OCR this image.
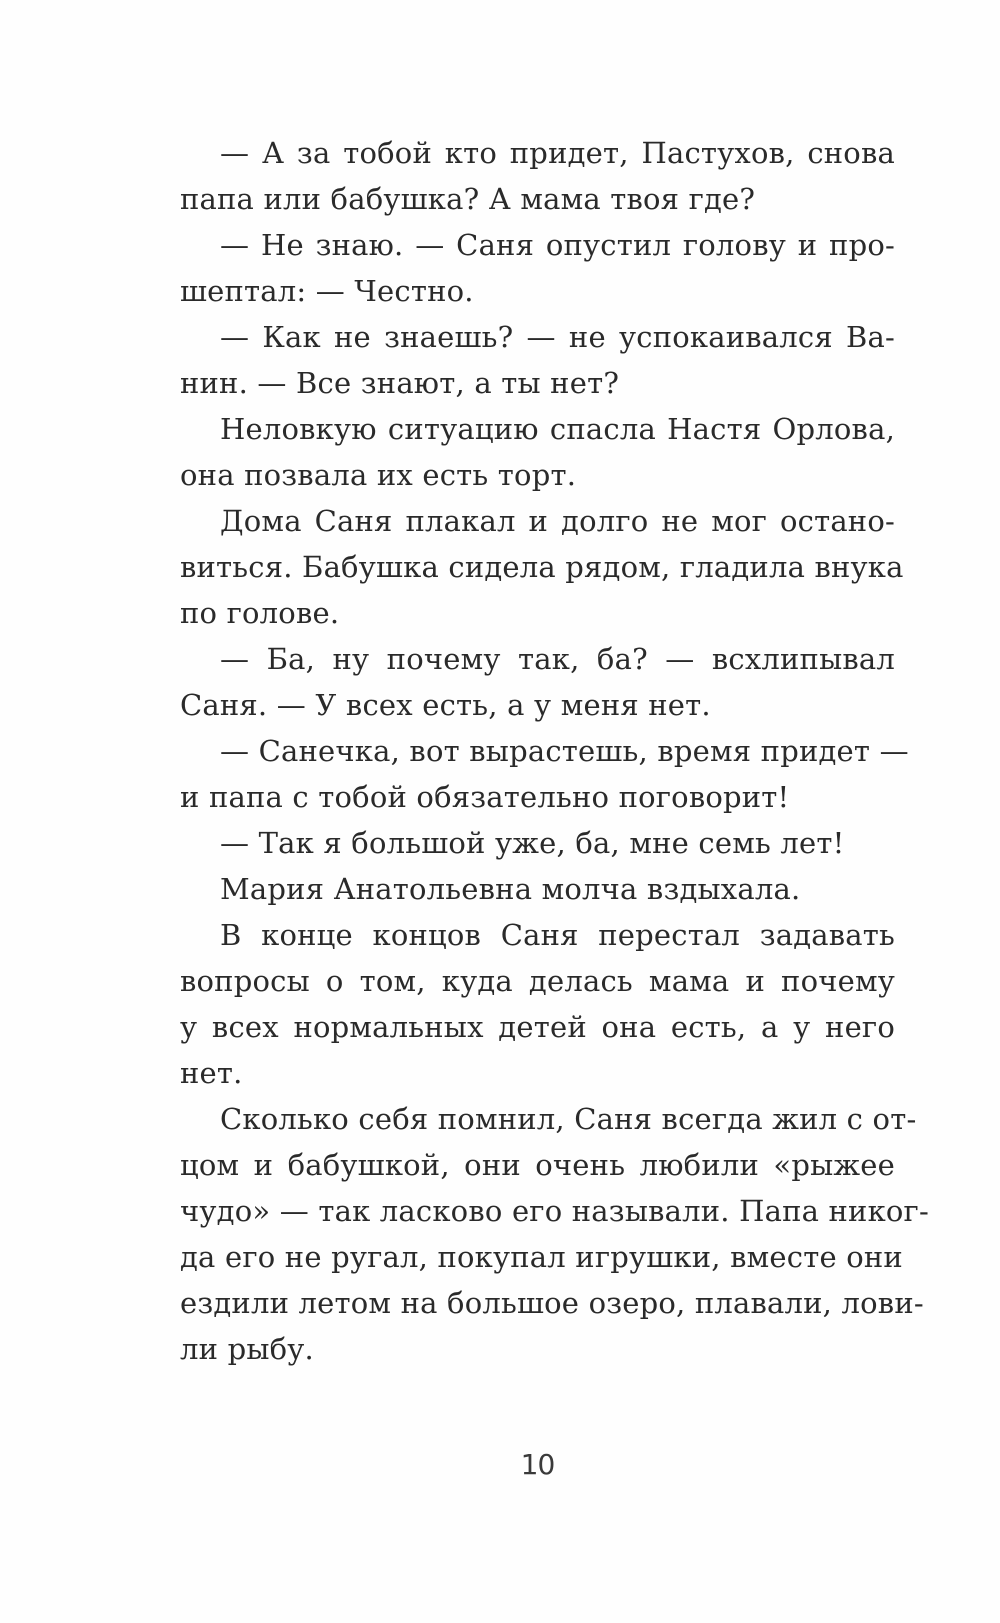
— А за тобой кто придет, Пастухов, снова
папа или бабушка? А мама твоя где?
— Не знаю. — Саня опустил голову и про-
шептал: — Честно.
— Как не знаешь? — не успокаивался Ва-
нин. — Все знают, а ты нет?
Неловкую ситуацию спасла Настя Орлова,
она позвала их есть торт.
Дома Саня плакал и долго не мог остано-
виться. Бабушка сидела рядом, гладила внука
по голове.
— Ба, ну почему так, ба? — всхлипывал
Саня. — У всех есть, а у меня нет.
— Санечка, вот вырастешь, время придет —
и папа с тобой обязательно поговорит!
— Так я большой уже, ба, мне семь лет!
Мария Анатольевна молча вздыхала.
В конце концов Саня перестал задавать
вопросы о том, куда делась мама и почему
у всех нормальных детей она есть, а у него
нет.
Сколько себя помнил, Саня всегда жил с от-
цом и бабушкой, они очень любили «рыжее
чудо» — так ласково его называли. Папа никог-
да его не ругал, покупал игрушки, вместе они
ездили летом на большое озеро, плавали, лови-
ли рыбу.
10
